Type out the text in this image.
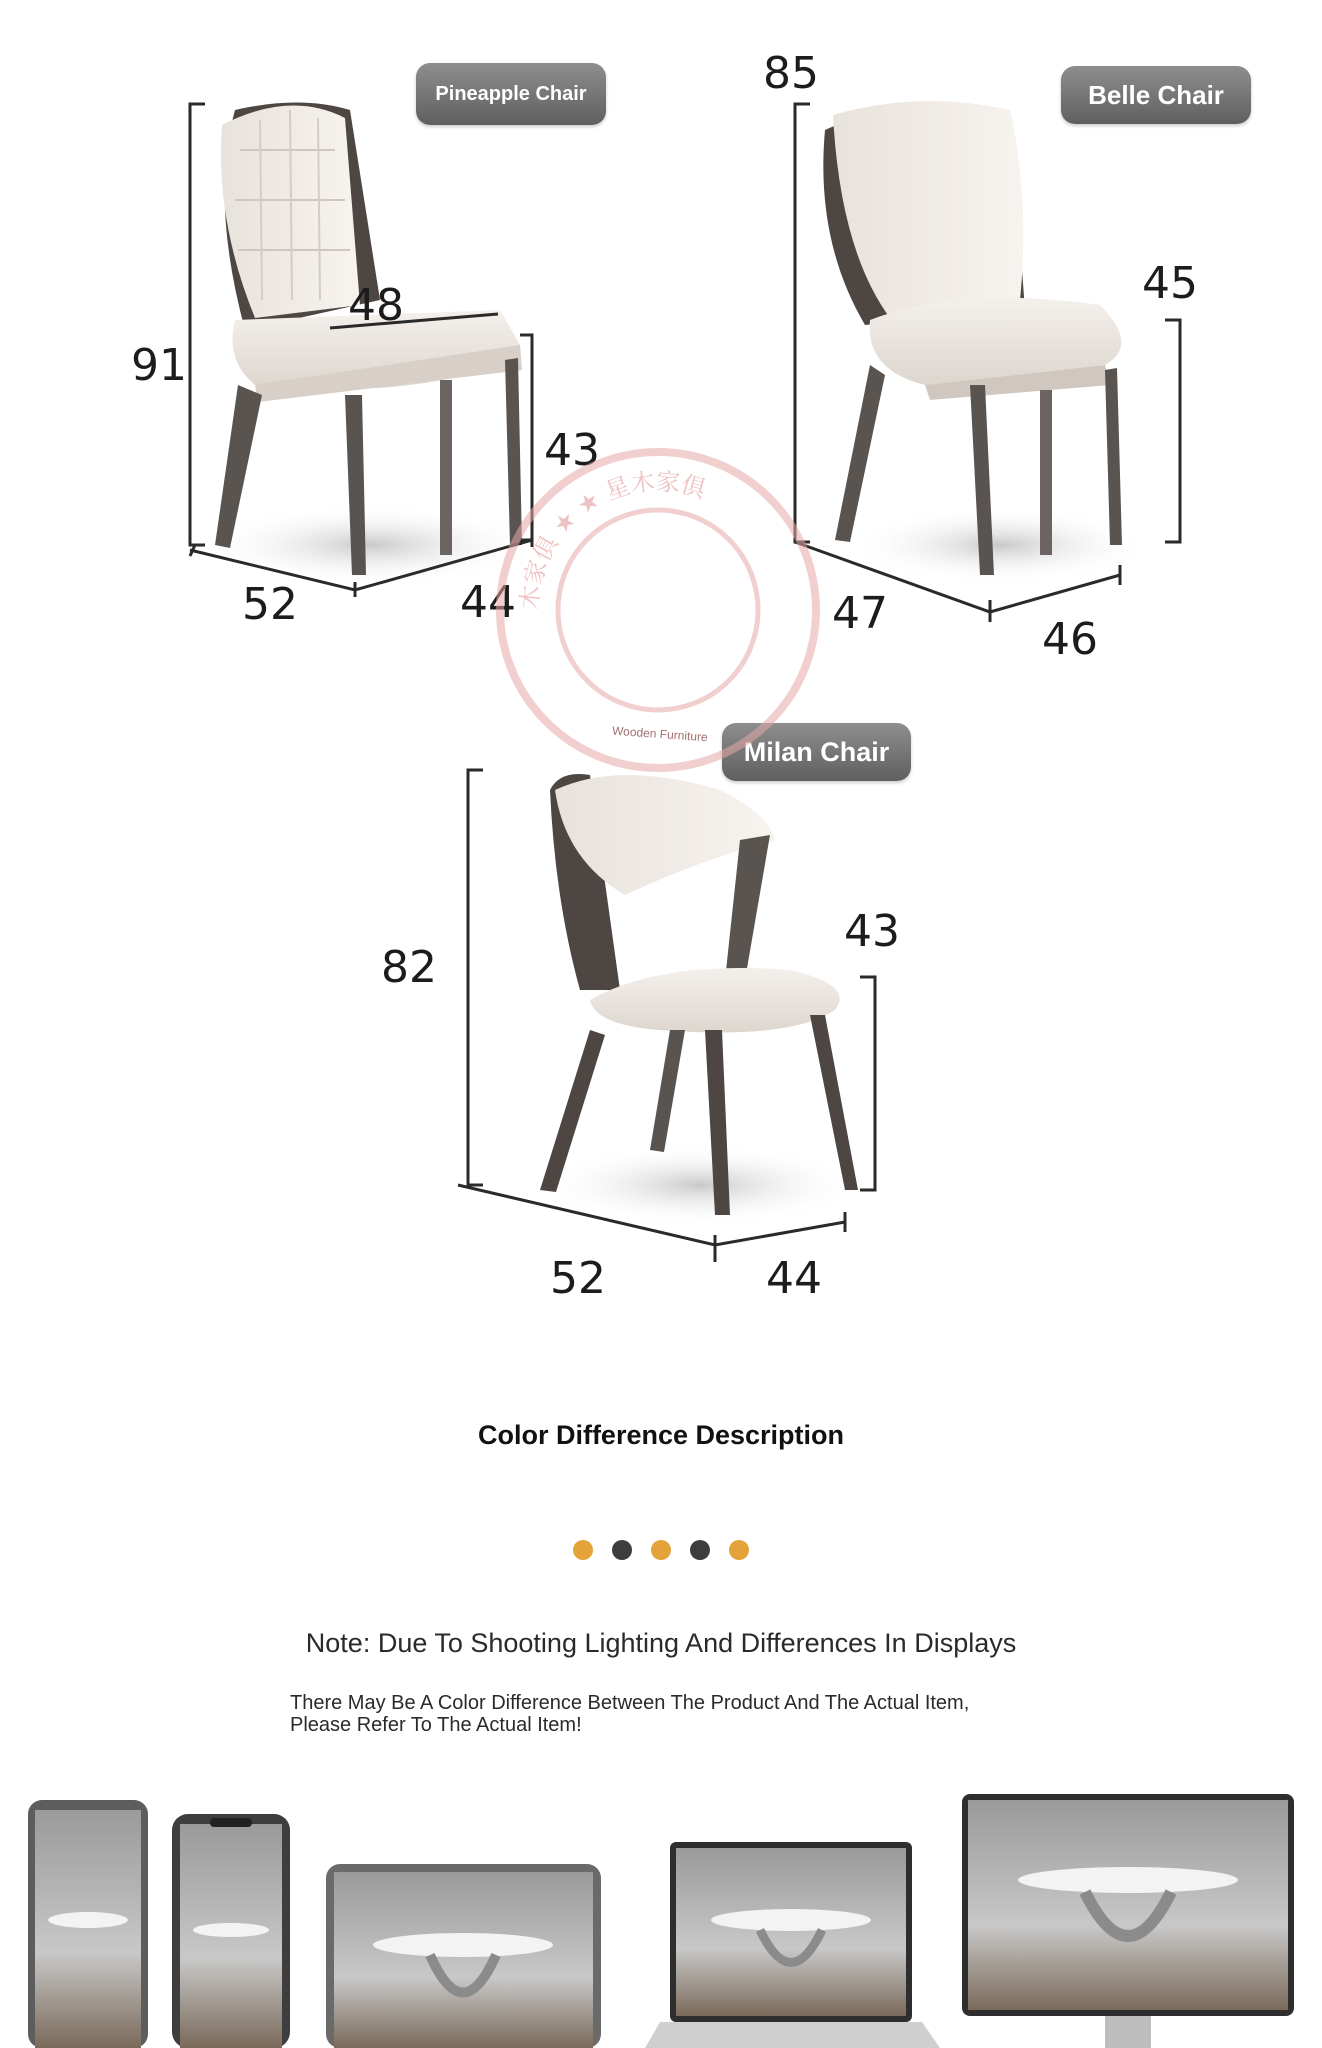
91
48
43
52	44
85
45
47
46
82
43
52	44
Pineapple Chair	Belle Chair
Milan Chair
木家俱 ★ ★ 星木家俱
Wooden Furniture
Color Difference Description
Note: Due To Shooting Lighting And Differences In Displays
There May Be A Color Difference Between The Product And The Actual Item,
Please Refer To The Actual Item!
